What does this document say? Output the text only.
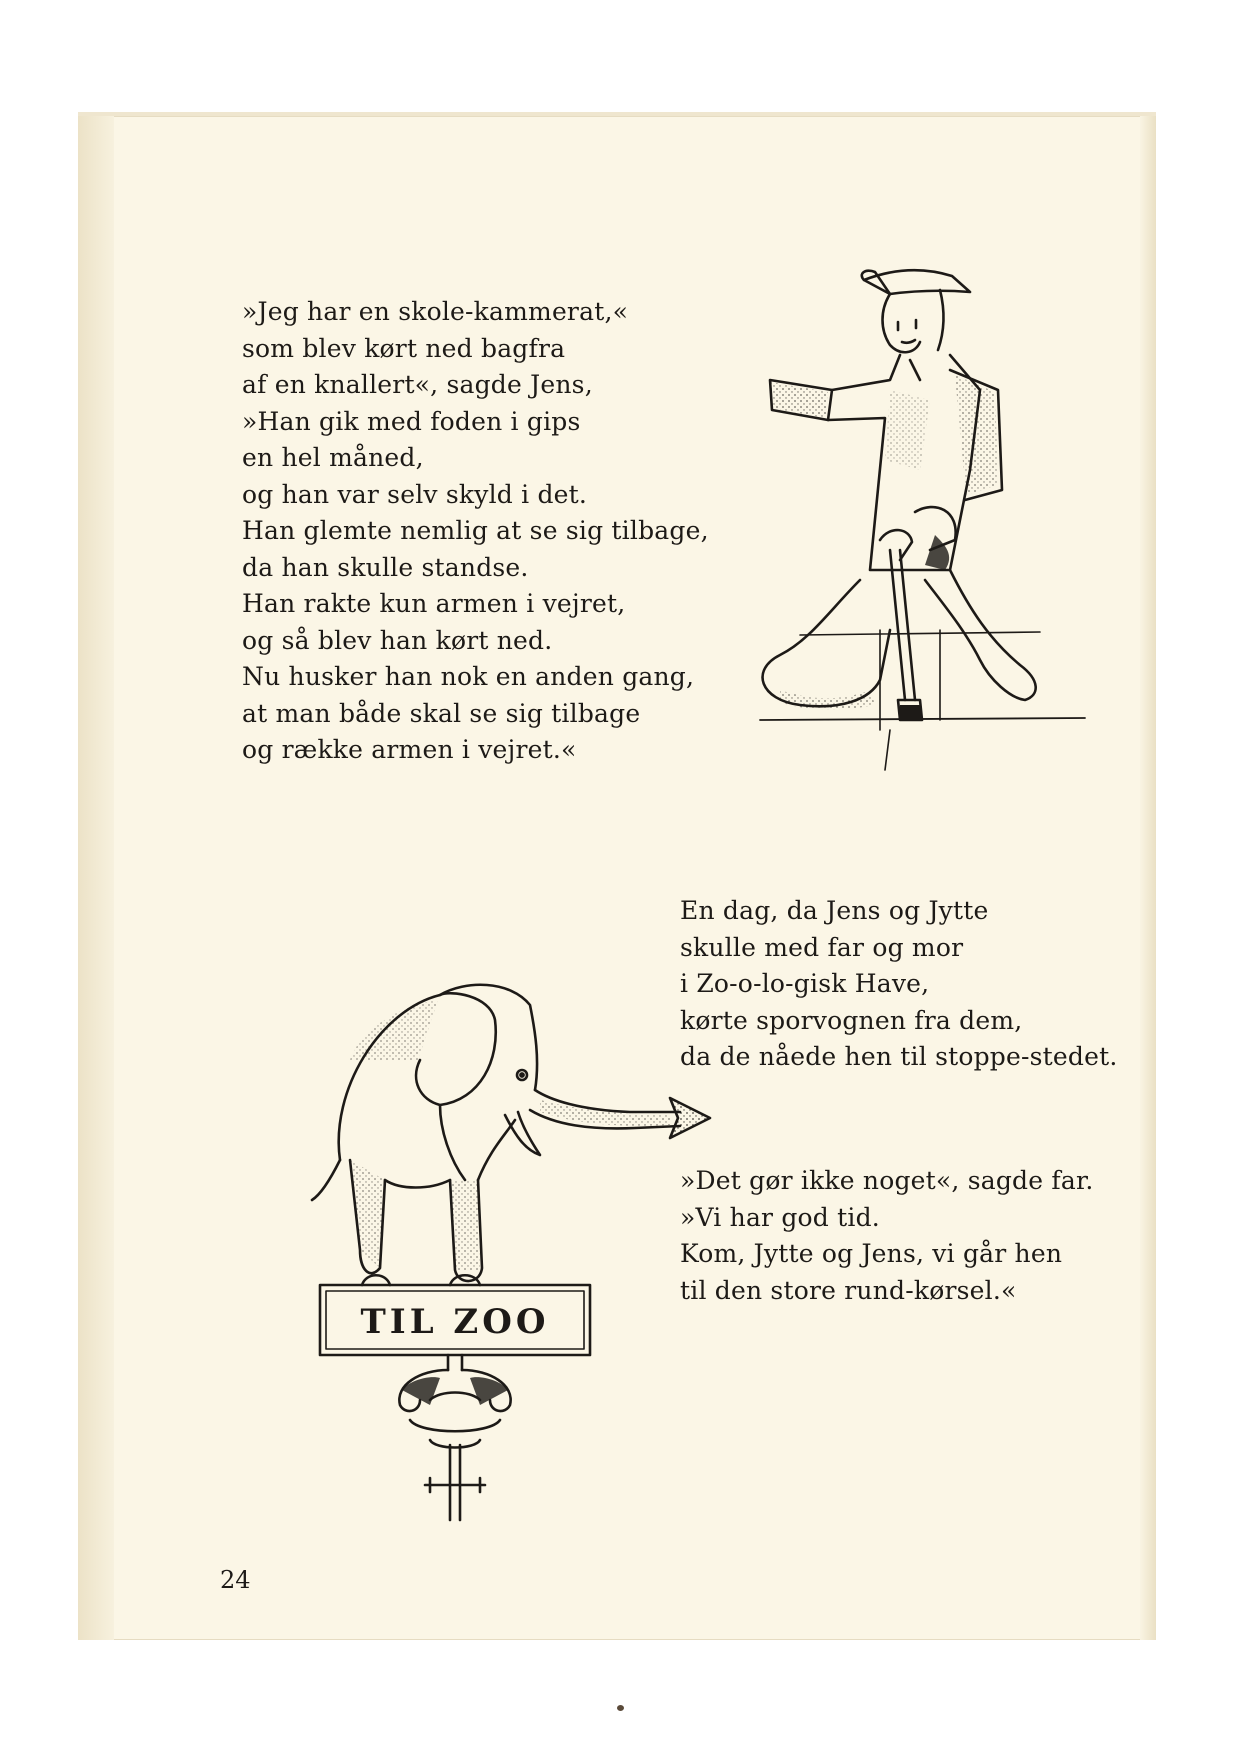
»Jeg har en skole-kammerat,«
som blev kørt ned bagfra
af en knallert«, sagde Jens,
»Han gik med foden i gips
en hel måned,
og han var selv skyld i det.
Han glemte nemlig at se sig tilbage,
da han skulle standse.
Han rakte kun armen i vejret,
og så blev han kørt ned.
Nu husker han nok en anden gang,
at man både skal se sig tilbage
og række armen i vejret.«
En dag, da Jens og Jytte
skulle med far og mor
i Zo-o-lo-gisk Have,
kørte sporvognen fra dem,
da de nåede hen til stoppe-stedet.
»Det gør ikke noget«, sagde far.
»Vi har god tid.
Kom, Jytte og Jens, vi går hen
til den store rund-kørsel.«
TIL ZOO
24
